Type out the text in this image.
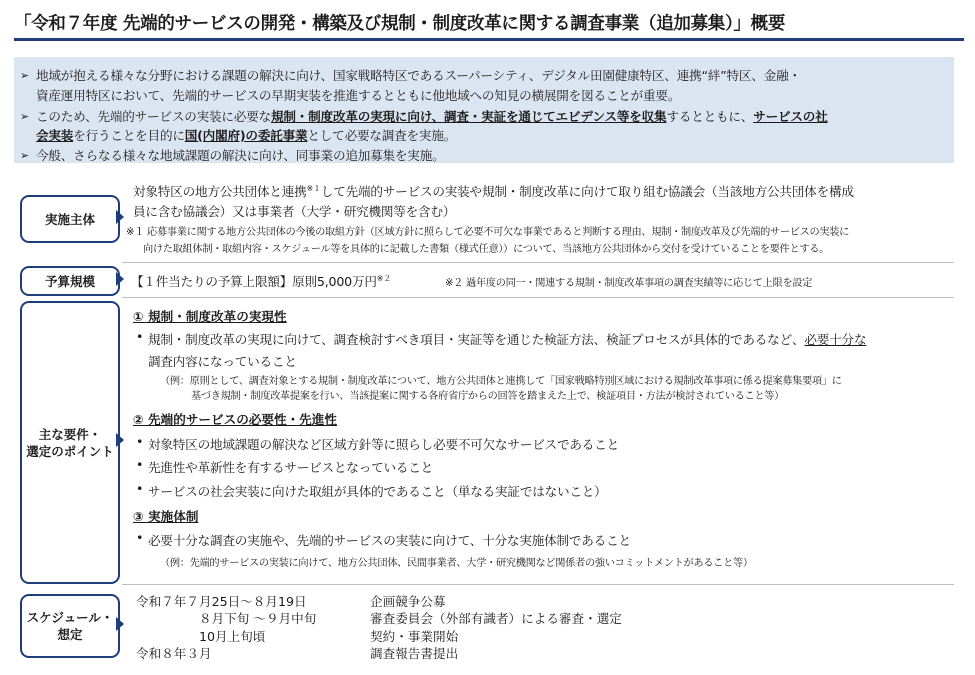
「令和７年度 先端的サービスの開発・構築及び規制・制度改革に関する調査事業（追加募集）」概要
➢ 地域が抱える様々な分野における課題の解決に向け、国家戦略特区であるスーパーシティ、デジタル田園健康特区、連携“絆”特区、金融・
資産運用特区において、先端的サービスの早期実装を推進するとともに他地域への知見の横展開を図ることが重要。
➢ このため、先端的サービスの実装に必要な規制・制度改革の実現に向け、調査・実証を通じてエビデンス等を収集するとともに、サービスの社
会実装を行うことを目的に国(内閣府)の委託事業として必要な調査を実施。
➢ 今般、さらなる様々な地域課題の解決に向け、同事業の追加募集を実施。
実施主体
対象特区の地方公共団体と連携$^{※1}$して先端的サービスの実装や規制・制度改革に向けて取り組む協議会（当該地方公共団体を構成
員に含む協議会）又は事業者（大学・研究機関等を含む）
※１ 応募事業に関する地方公共団体の今後の取組方針（区域方針に照らして必要不可欠な事業であると判断する理由、規制・制度改革及び先端的サービスの実装に
向けた取組体制・取組内容・スケジュール等を具体的に記載した書類（様式任意））について、当該地方公共団体から交付を受けていることを要件とする。
予算規模	【１件当たりの予算上限額】原則5,000万円$^{※2}$	※２ 過年度の同一・関連する規制・制度改革事項の調査実績等に応じて上限を設定
主な要件・
選定のポイント
① 規制・制度改革の実現性
• 規制・制度改革の実現に向けて、調査検討すべき項目・実証等を通じた検証方法、検証プロセスが具体的であるなど、必要十分な
調査内容になっていること
（例：原則として、調査対象とする規制・制度改革について、地方公共団体と連携して「国家戦略特別区域における規制改革事項に係る提案募集要項」に
基づき規制・制度改革提案を行い、当該提案に関する各府省庁からの回答を踏まえた上で、検証項目・方法が検討されていること等）
② 先端的サービスの必要性・先進性
• 対象特区の地域課題の解決など区域方針等に照らし必要不可欠なサービスであること
• 先進性や革新性を有するサービスとなっていること
• サービスの社会実装に向けた取組が具体的であること（単なる実証ではないこと）
③ 実施体制
• 必要十分な調査の実施や、先端的サービスの実装に向けて、十分な実施体制であること
（例：先端的サービスの実装に向けて、地方公共団体、民間事業者、大学・研究機関など関係者の強いコミットメントがあること等）
スケジュール・
想定
令和７年７月25日～８月19日	企画競争公募
８月下旬 ～９月中旬	審査委員会（外部有識者）による審査・選定
10月上旬頃	契約・事業開始
令和８年３月	調査報告書提出
